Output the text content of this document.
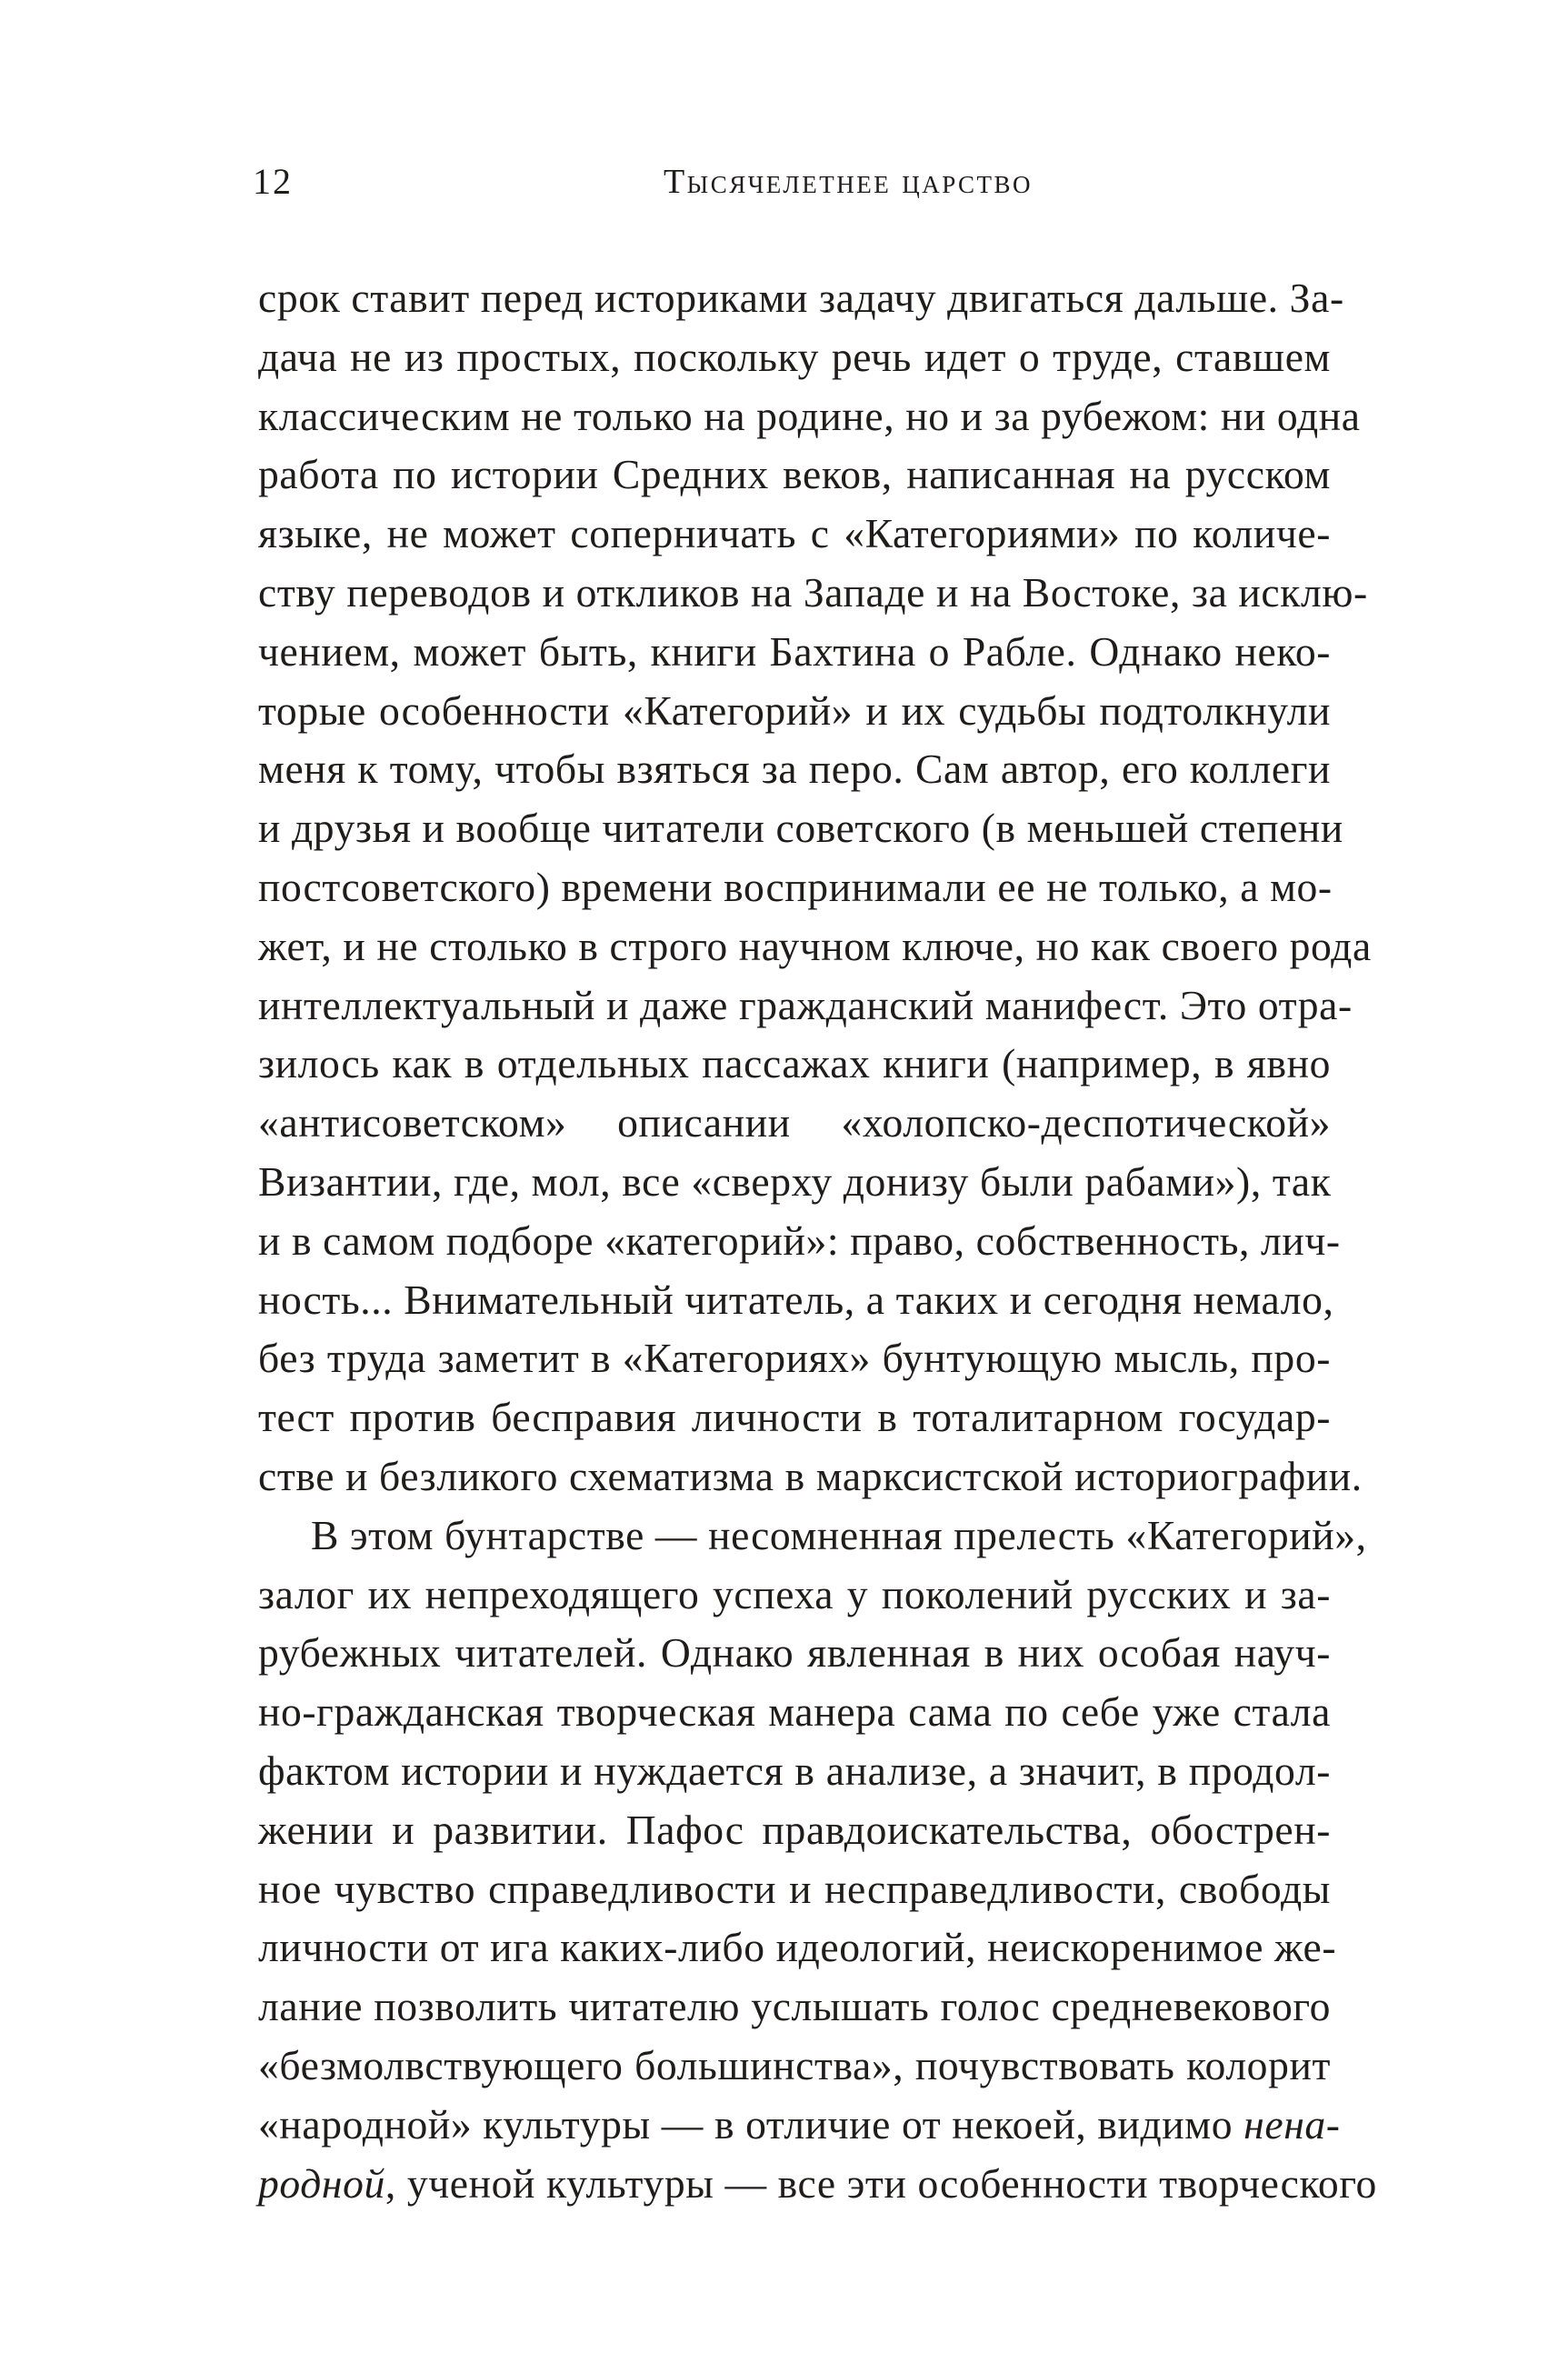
12	Тысячелетнее царство

срок ставит перед историками задачу двигаться дальше. За-
дача не из простых, поскольку речь идет о труде, ставшем
классическим не только на родине, но и за рубежом: ни одна
работа по истории Средних веков, написанная на русском
языке, не может соперничать с «Категориями» по количе-
ству переводов и откликов на Западе и на Востоке, за исклю-
чением, может быть, книги Бахтина о Рабле. Однако неко-
торые особенности «Категорий» и их судьбы подтолкнули
меня к тому, чтобы взяться за перо. Сам автор, его коллеги
и друзья и вообще читатели советского (в меньшей степени
постсоветского) времени воспринимали ее не только, а мо-
жет, и не столько в строго научном ключе, но как своего рода
интеллектуальный и даже гражданский манифест. Это отра-
зилось как в отдельных пассажах книги (например, в явно
«антисоветском» описании «холопско-деспотической»
Византии, где, мол, все «сверху донизу были рабами»), так
и в самом подборе «категорий»: право, собственность, лич-
ность... Внимательный читатель, а таких и сегодня немало,
без труда заметит в «Категориях» бунтующую мысль, про-
тест против бесправия личности в тоталитарном государ-
стве и безликого схематизма в марксистской историографии.

В этом бунтарстве — несомненная прелесть «Категорий»,
залог их непреходящего успеха у поколений русских и за-
рубежных читателей. Однако явленная в них особая науч-
но-гражданская творческая манера сама по себе уже стала
фактом истории и нуждается в анализе, а значит, в продол-
жении и развитии. Пафос правдоискательства, обострен-
ное чувство справедливости и несправедливости, свободы
личности от ига каких-либо идеологий, неискоренимое же-
лание позволить читателю услышать голос средневекового
«безмолвствующего большинства», почувствовать колорит
«народной» культуры — в отличие от некоей, видимо нена-
родной, ученой культуры — все эти особенности творческого
